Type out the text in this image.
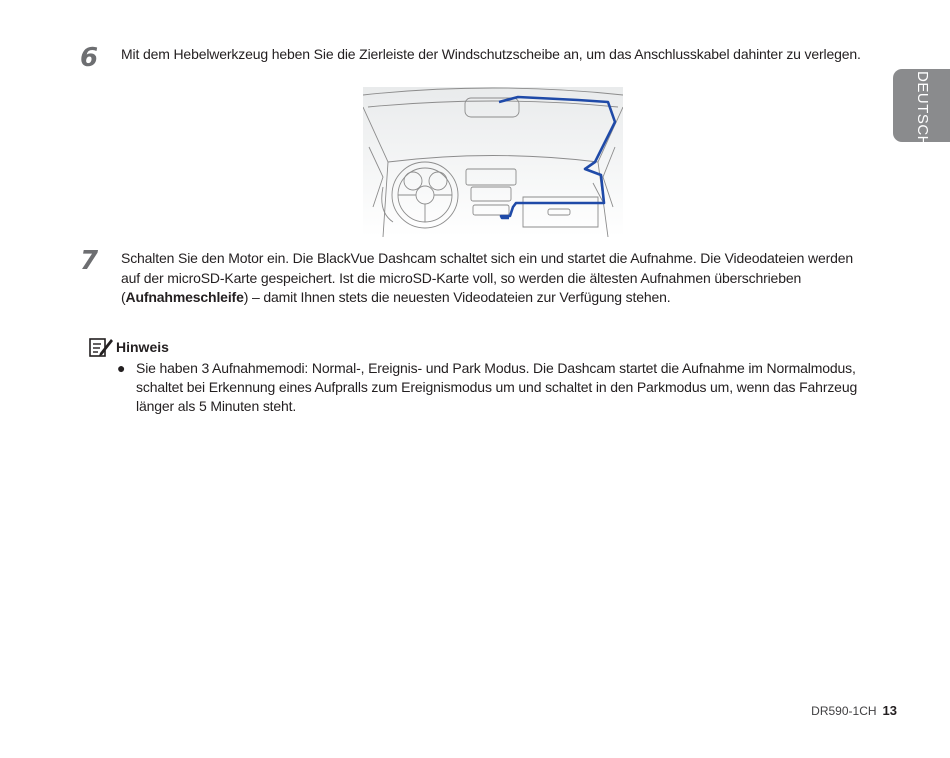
DEUTSCH
6 Mit dem Hebelwerkzeug heben Sie die Zierleiste der Windschutzscheibe an, um das Anschlusskabel dahinter zu verlegen.
7 Schalten Sie den Motor ein. Die BlackVue Dashcam schaltet sich ein und startet die Aufnahme. Die Videodateien werden auf der microSD-Karte gespeichert. Ist die microSD-Karte voll, so werden die ältesten Aufnahmen überschrieben (Aufnahmeschleife) – damit Ihnen stets die neuesten Videodateien zur Verfügung stehen.
Hinweis
● Sie haben 3 Aufnahmemodi: Normal-, Ereignis- und Park Modus. Die Dashcam startet die Aufnahme im Normalmodus, schaltet bei Erkennung eines Aufpralls zum Ereignismodus um und schaltet in den Parkmodus um, wenn das Fahrzeug länger als 5 Minuten steht.
DR590-1CH 13
